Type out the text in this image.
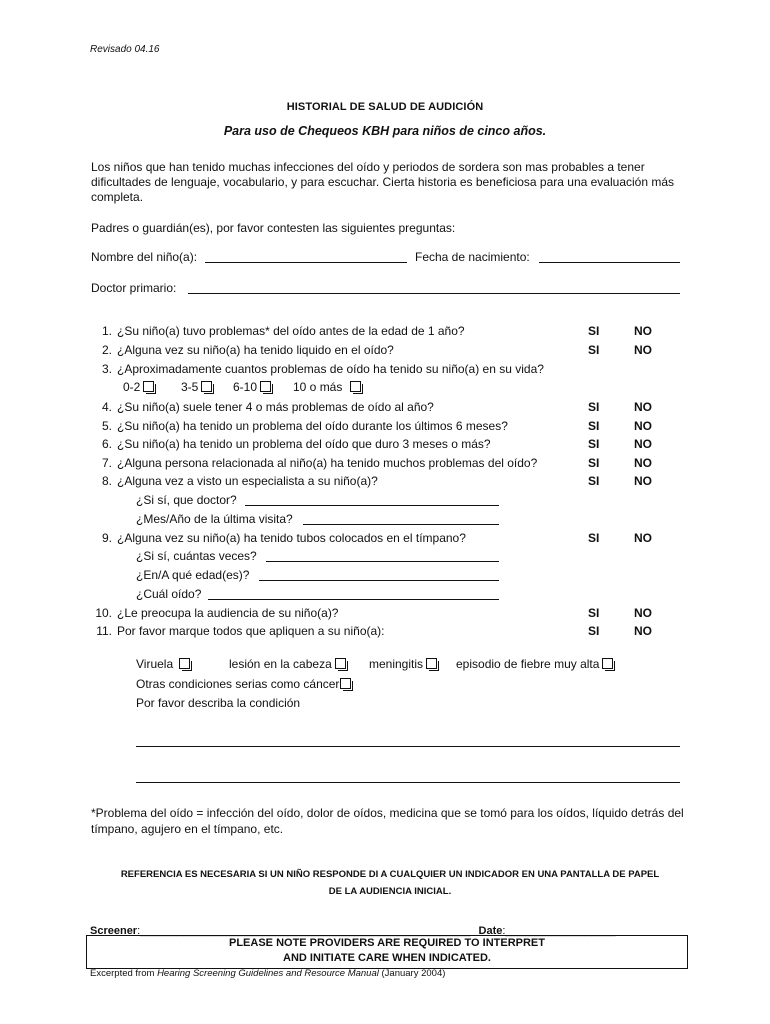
Revisado 04.16
HISTORIAL DE SALUD DE AUDICIÓN
Para uso de Chequeos KBH para niños de cinco años.
Los niños que han tenido muchas infecciones del oído y periodos de sordera son mas probables a tener dificultades de lenguaje, vocabulario, y para escuchar. Cierta historia es beneficiosa para una evaluación más completa.
Padres o guardián(es), por favor contesten las siguientes preguntas:
Nombre del niño(a):	Fecha de nacimiento:
Doctor primario:
1. ¿Su niño(a) tuvo problemas* del oído antes de la edad de 1 año?	SI	NO
2. ¿Alguna vez su niño(a) ha tenido liquido en el oído?	SI	NO
3. ¿Aproximadamente cuantos problemas de oído ha tenido su niño(a) en su vida?
0-2	3-5	6-10	10 o más
4. ¿Su niño(a) suele tener 4 o más problemas de oído al año?	SI	NO
5. ¿Su niño(a) ha tenido un problema del oído durante los últimos 6 meses?	SI	NO
6. ¿Su niño(a) ha tenido un problema del oído que duro 3 meses o más?	SI	NO
7. ¿Alguna persona relacionada al niño(a) ha tenido muchos problemas del oído?	SI	NO
8. ¿Alguna vez a visto un especialista a su niño(a)?	SI	NO
¿Si sí, que doctor?
¿Mes/Año de la última visita?
9. ¿Alguna vez su niño(a) ha tenido tubos colocados en el tímpano?	SI	NO
¿Si sí, cuántas veces?
¿En/A qué edad(es)?
¿Cuál oído?
10. ¿Le preocupa la audiencia de su niño(a)?	SI	NO
11. Por favor marque todos que apliquen a su niño(a):	SI	NO
Viruela	lesión en la cabeza	meningitis	episodio de fiebre muy alta
Otras condiciones serias como cáncer
Por favor describa la condición
*Problema del oído = infección del oído, dolor de oídos, medicina que se tomó para los oídos, líquido detrás del tímpano, agujero en el tímpano, etc.
REFERENCIA ES NECESARIA SI UN NIÑO RESPONDE DI A CUALQUIER UN INDICADOR EN UNA PANTALLA DE PAPEL
DE LA AUDIENCIA INICIAL.
Screener:______________________________________________________ Date:__________________
PLEASE NOTE PROVIDERS ARE REQUIRED TO INTERPRET
AND INITIATE CARE WHEN INDICATED.
Excerpted from Hearing Screening Guidelines and Resource Manual (January 2004)
